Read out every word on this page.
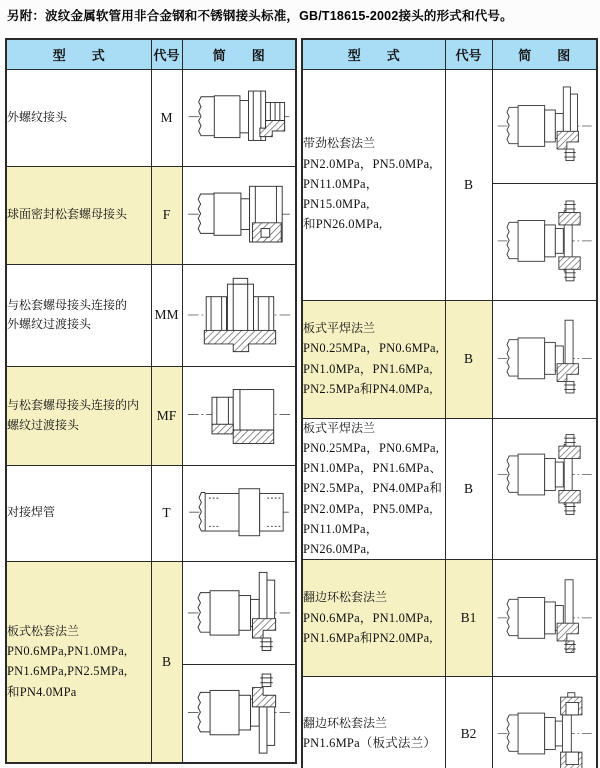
另附：波纹金属软管用非合金钢和不锈钢接头标准，GB/T18615-2002接头的形式和代号。
型　　式	代号	简　　图

外螺纹接头	M	

球面密封松套螺母接头	F	

与松套螺母接头连接的
外螺纹过渡接头	MM	

与松套螺母接头连接的内
螺纹过渡接头	MF	

对接焊管	T	

板式松套法兰
PN0.6MPa,PN1.0MPa,
PN1.6MPa,PN2.5MPa,
和PN4.0MPa	B	
型　　式	代号	简　　图

带劲松套法兰
PN2.0MPa，PN5.0MPa,
PN11.0MPa，PN15.0MPa,
和PN26.0MPa,	B	

板式平焊法兰
PN0.25MPa，PN0.6MPa,
PN1.0MPa，PN1.6MPa,
PN2.5MPa和PN4.0MPa,	B	

板式平焊法兰
PN0.25MPa，PN0.6MPa,
PN1.0MPa，PN1.6MPa、
PN2.5MPa，PN4.0MPa和
PN2.0MPa，PN5.0MPa,
PN11.0MPa，PN26.0MPa,
	B	

翻边环松套法兰
PN0.6MPa，PN1.0MPa,
PN1.6MPa和PN2.0MPa,	B1	

翻边环松套法兰
PN1.6MPa（板式法兰）	B2	
